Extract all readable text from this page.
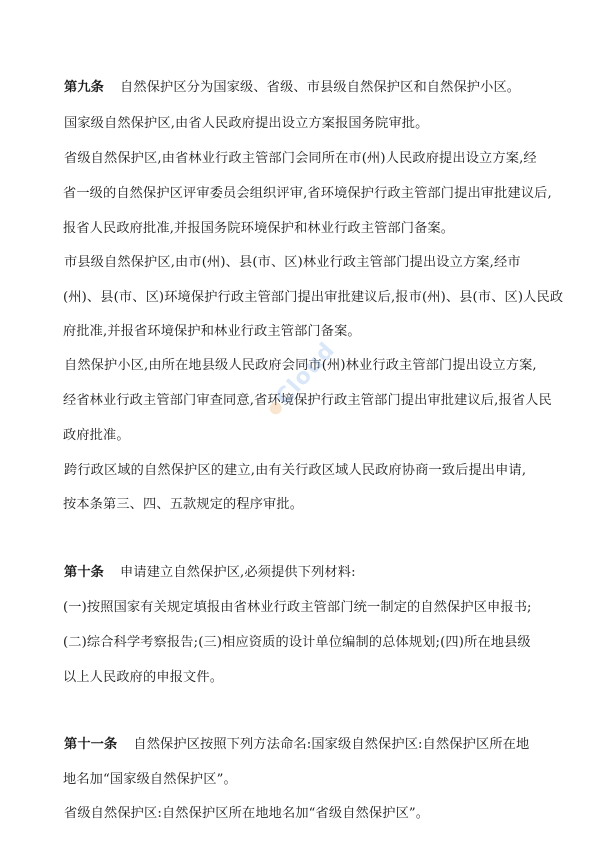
第九条 自然保护区分为国家级、省级、市县级自然保护区和自然保护小区。
国家级自然保护区,由省人民政府提出设立方案报国务院审批。
省级自然保护区,由省林业行政主管部门会同所在市(州)人民政府提出设立方案,经
省一级的自然保护区评审委员会组织评审,省环境保护行政主管部门提出审批建议后,
报省人民政府批准,并报国务院环境保护和林业行政主管部门备案。
市县级自然保护区,由市(州)、县(市、区)林业行政主管部门提出设立方案,经市
(州)、县(市、区)环境保护行政主管部门提出审批建议后,报市(州)、县(市、区)人民政
府批准,并报省环境保护和林业行政主管部门备案。
自然保护小区,由所在地县级人民政府会同市(州)林业行政主管部门提出设立方案,
经省林业行政主管部门审查同意,省环境保护行政主管部门提出审批建议后,报省人民
政府批准。
跨行政区域的自然保护区的建立,由有关行政区域人民政府协商一致后提出申请,
按本条第三、四、五款规定的程序审批。
第十条 申请建立自然保护区,必须提供下列材料:
(一)按照国家有关规定填报由省林业行政主管部门统一制定的自然保护区申报书;
(二)综合科学考察报告;(三)相应资质的设计单位编制的总体规划;(四)所在地县级
以上人民政府的申报文件。
第十一条 自然保护区按照下列方法命名:国家级自然保护区:自然保护区所在地
地名加“国家级自然保护区”。
省级自然保护区:自然保护区所在地地名加“省级自然保护区”。
Cloud
